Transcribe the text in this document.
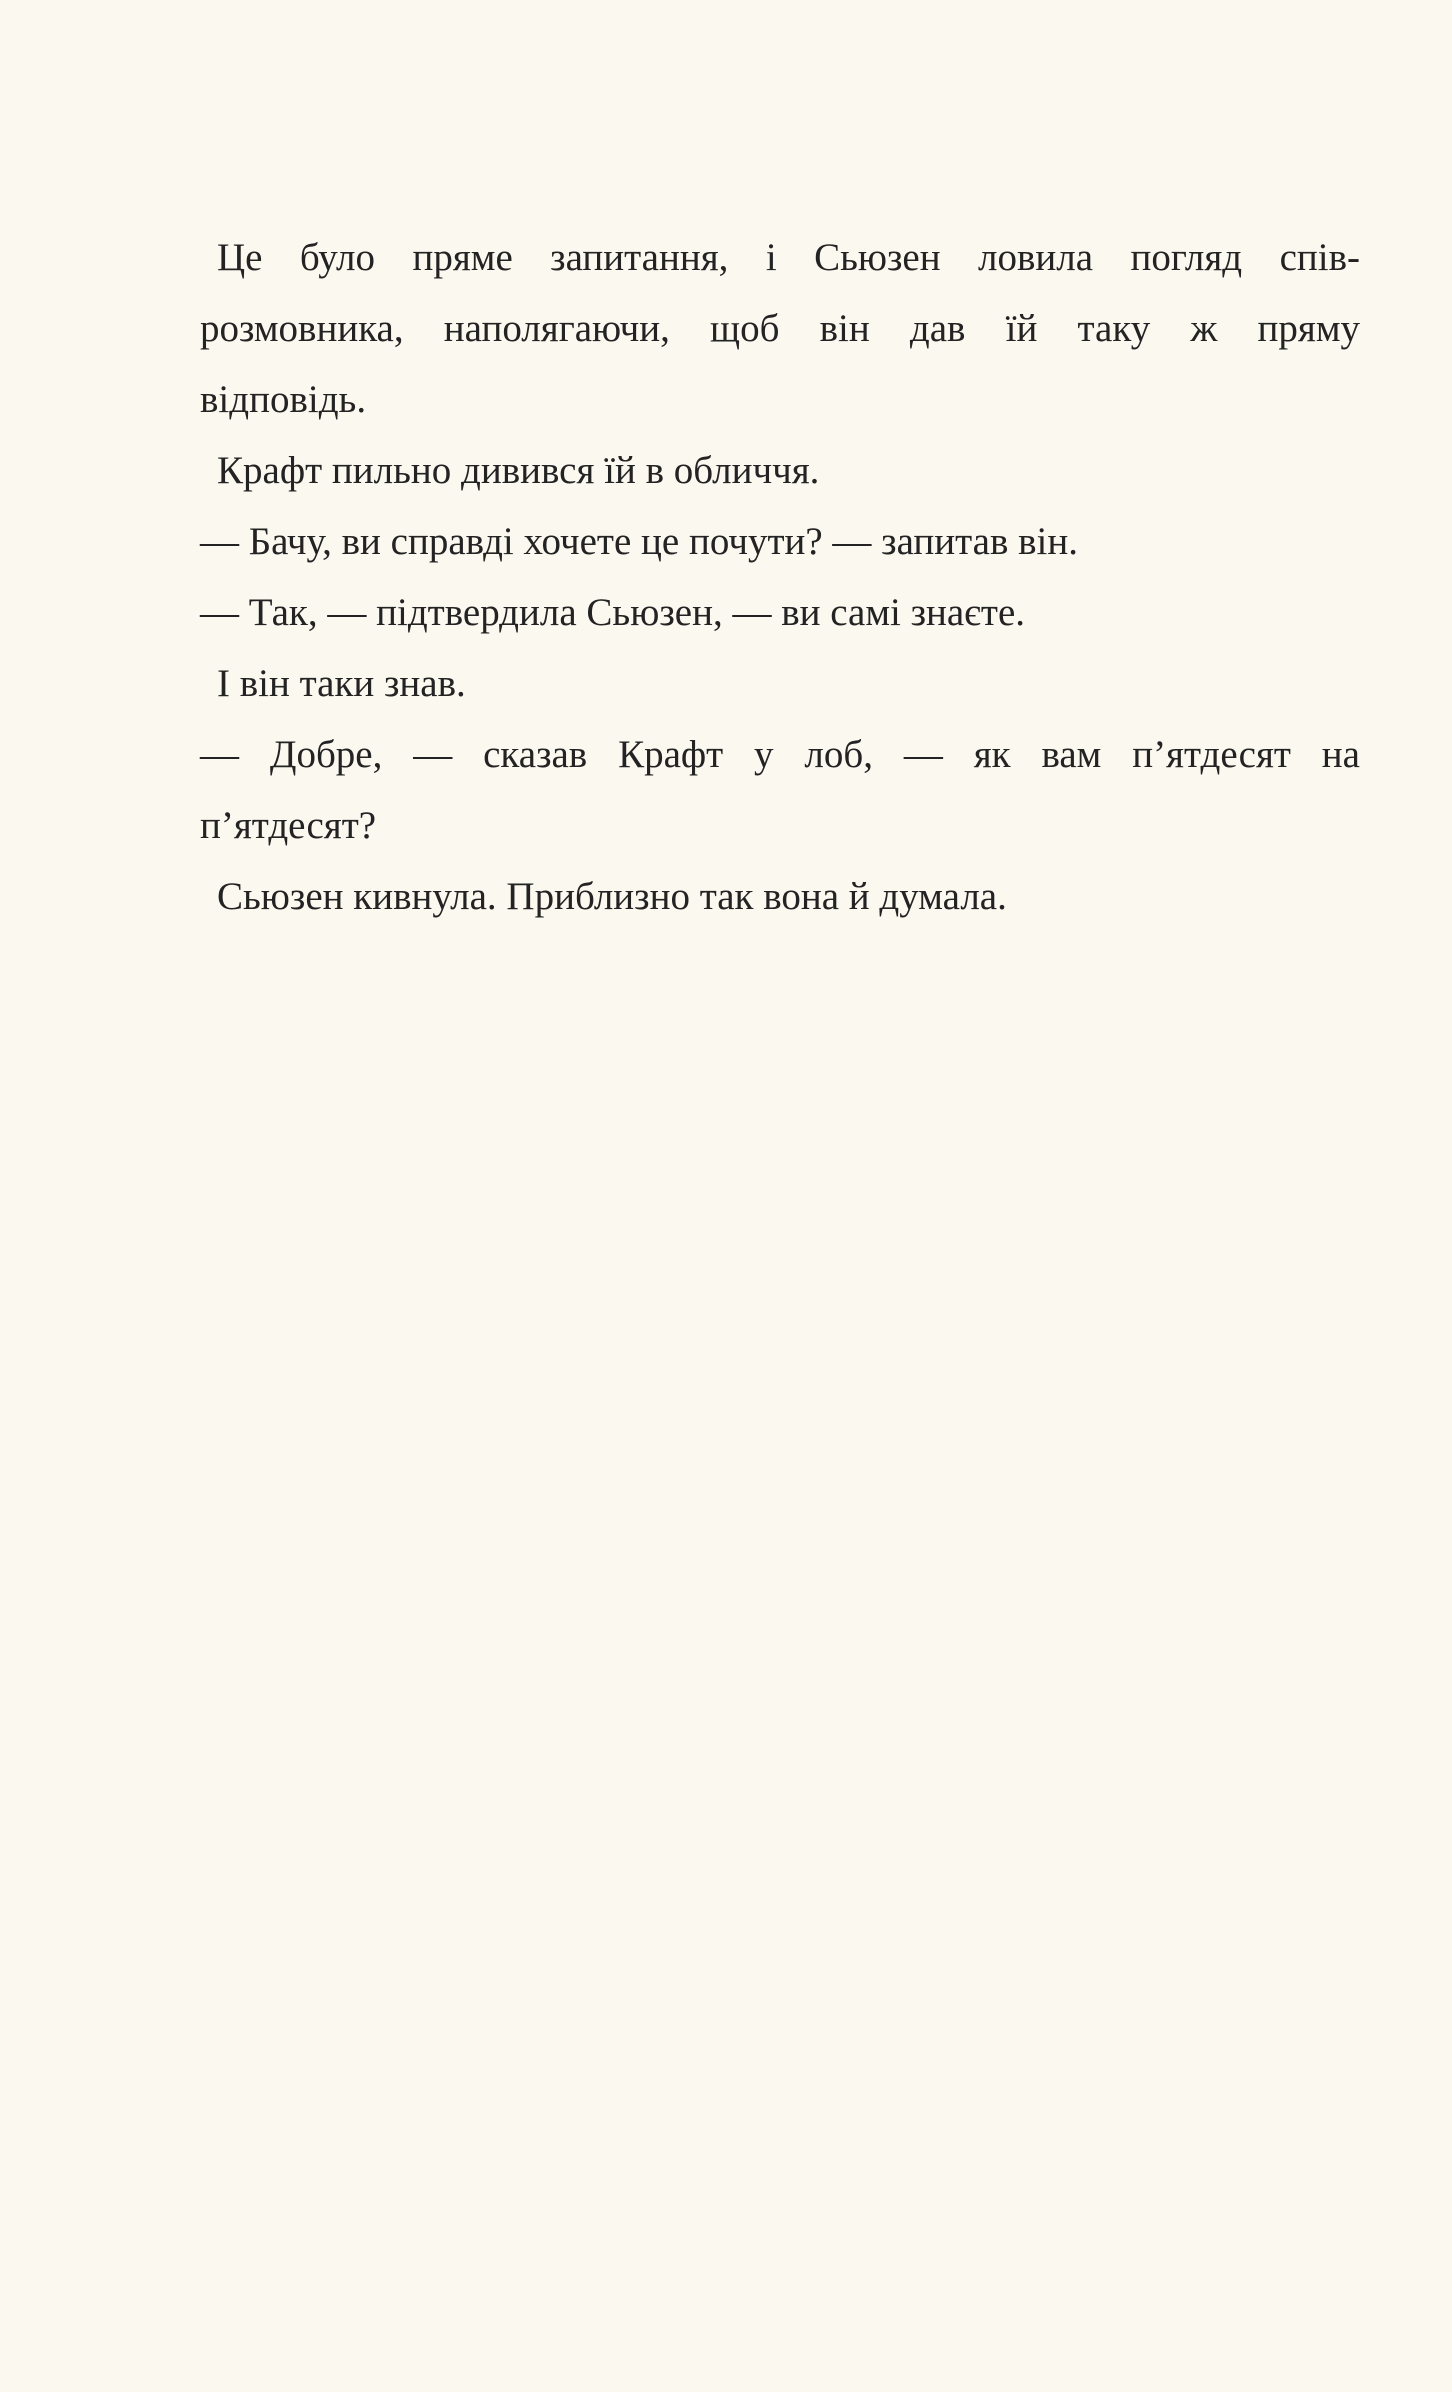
Це було пряме запитання, і Сьюзен ловила погляд спів-
розмовника, наполягаючи, щоб він дав їй таку ж пряму
відповідь.

Крафт пильно дивився їй в обличчя.

— Бачу, ви справді хочете це почути? — запитав він.

— Так, — підтвердила Сьюзен, — ви самі знаєте.

І він таки знав.

— Добре, — сказав Крафт у лоб, — як вам п’ятдесят на
п’ятдесят?

Сьюзен кивнула. Приблизно так вона й думала.
